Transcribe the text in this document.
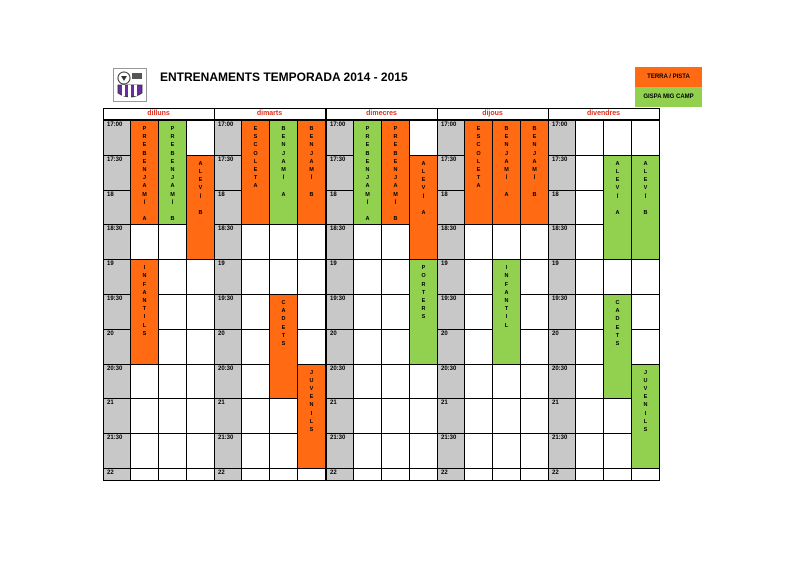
ENTRENAMENTS TEMPORADA 2014 - 2015	TERRA / PISTA
GISPA MIG CAMP
dilluns
17:00
17:30
18
18:30
19
19:30
20
20:30
21
21:30
22
dimarts
17:00
17:30
18
18:30
19
19:30
20
20:30
21
21:30
22
dimecres
17:00
17:30
18
18:30
19
19:30
20
20:30
21
21:30
22
dijous
17:00
17:30
18
18:30
19
19:30
20
20:30
21
21:30
22
divendres
17:00
17:30
18
18:30
19
19:30
20
20:30
21
21:30
22
P
R
E
B
E
N
J
A
M
Í

A
P
R
E
B
E
N
J
A
M
Í

B
A
L
E
V
Í

B
I
N
F
A
N
T
I
L
S
E
S
C
O
L
E
T
A
B
E
N
J
A
M
Í

A
B
E
N
J
A
M
Í

B
C
A
D
E
T
S
J
U
V
E
N
I
L
S
P
R
E
B
E
N
J
A
M
Í

A
P
R
E
B
E
N
J
A
M
Í

B
A
L
E
V
Í

A
P
O
R
T
E
R
S
E
S
C
O
L
E
T
A
B
E
N
J
A
M
Í

A
B
E
N
J
A
M
Í

B
I
N
F
A
N
T
I
L
A
L
E
V
Í

A
A
L
E
V
Í

B
C
A
D
E
T
S
J
U
V
E
N
I
L
S
